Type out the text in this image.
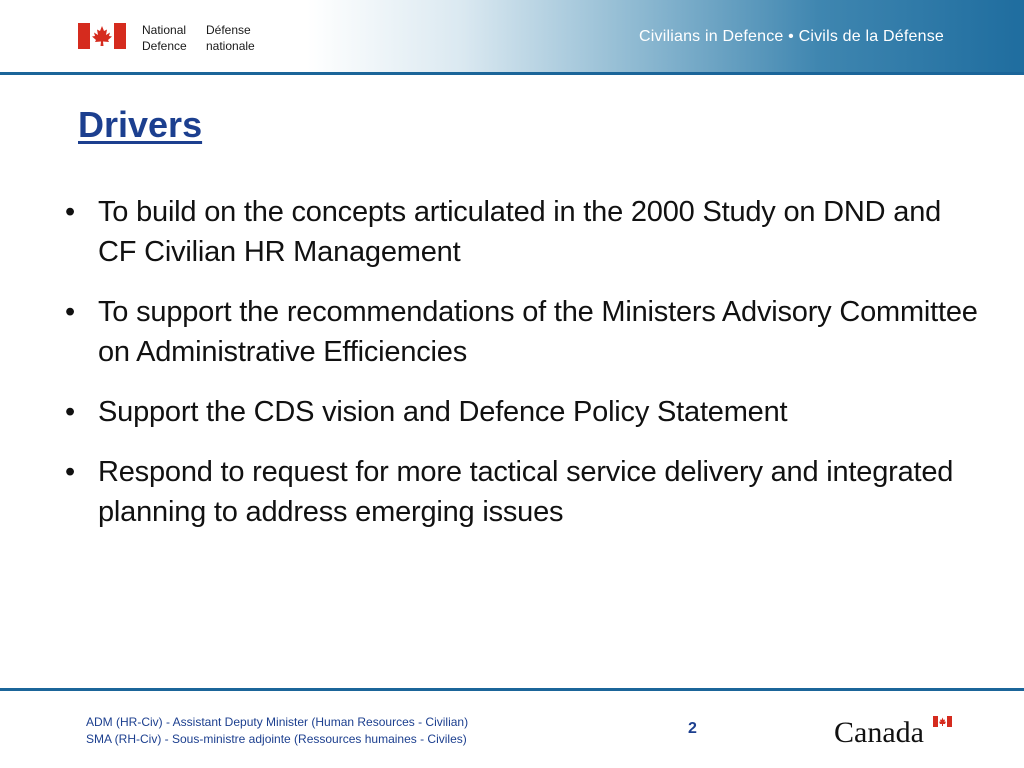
National
Defence
Défense
nationale
Civilians in Defence • Civils de la Défense
Drivers
• To build on the concepts articulated in the 2000 Study on DND and CF Civilian HR Management
• To support the recommendations of the Ministers Advisory Committee on Administrative Efficiencies
• Support the CDS vision and Defence Policy Statement
• Respond to request for more tactical service delivery and integrated planning to address emerging issues
ADM (HR-Civ) - Assistant Deputy Minister (Human Resources - Civilian)
SMA (RH-Civ) - Sous-ministre adjointe (Ressources humaines - Civiles)
2	Canada
